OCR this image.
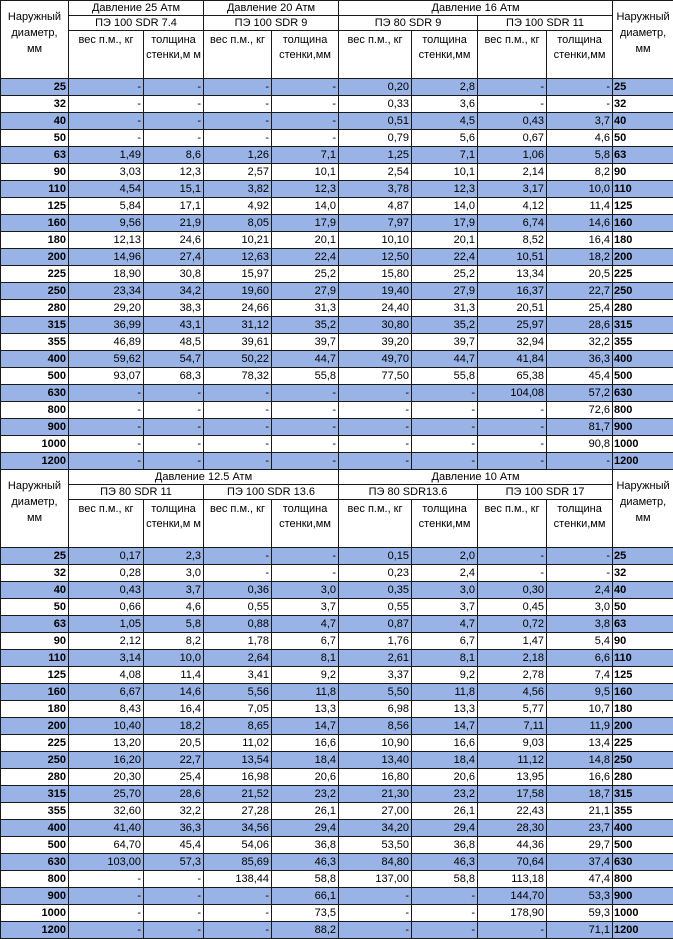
Наружный диаметр, мм	Давление 25 Атм		Давление 20 Атм		Давление 16 Атм				Наружный диаметр, мм
	ПЭ 100 SDR 7.4		ПЭ 100 SDR 9		ПЭ 80 SDR 9		ПЭ 100 SDR 11		
	вес п.м., кг	толщина стенки,м м	вес п.м., кг	толщина стенки,мм	вес п.м., кг	толщина стенки,мм	вес п.м., кг	толщина стенки,мм	
25	-	-	-	-	0,20	2,8	-	-	25
32	-	-	-	-	0,33	3,6	-	-	32
40	-	-	-	-	0,51	4,5	0,43	3,7	40
50	-	-	-	-	0,79	5,6	0,67	4,6	50
63	1,49	8,6	1,26	7,1	1,25	7,1	1,06	5,8	63
90	3,03	12,3	2,57	10,1	2,54	10,1	2,14	8,2	90
110	4,54	15,1	3,82	12,3	3,78	12,3	3,17	10,0	110
125	5,84	17,1	4,92	14,0	4,87	14,0	4,12	11,4	125
160	9,56	21,9	8,05	17,9	7,97	17,9	6,74	14,6	160
180	12,13	24,6	10,21	20,1	10,10	20,1	8,52	16,4	180
200	14,96	27,4	12,63	22,4	12,50	22,4	10,51	18,2	200
225	18,90	30,8	15,97	25,2	15,80	25,2	13,34	20,5	225
250	23,34	34,2	19,60	27,9	19,40	27,9	16,37	22,7	250
280	29,20	38,3	24,66	31,3	24,40	31,3	20,51	25,4	280
315	36,99	43,1	31,12	35,2	30,80	35,2	25,97	28,6	315
355	46,89	48,5	39,61	39,7	39,20	39,7	32,94	32,2	355
400	59,62	54,7	50,22	44,7	49,70	44,7	41,84	36,3	400
500	93,07	68,3	78,32	55,8	77,50	55,8	65,38	45,4	500
630	-	-	-	-	-	-	104,08	57,2	630
800	-	-	-	-	-	-	-	72,6	800
900	-	-	-	-	-	-	-	81,7	900
1000	-	-	-	-	-	-	-	90,8	1000
1200	-	-	-	-	-	-	-	-	1200
Наружный диаметр, мм	Давление 12.5 Атм				Давление 10 Атм				Наружный диаметр, мм
	ПЭ 80 SDR 11		ПЭ 100 SDR 13.6		ПЭ 80 SDR13.6		ПЭ 100 SDR 17		
	вес п.м., кг	толщина стенки,м м	вес п.м., кг	толщина стенки,мм	вес п.м., кг	толщина стенки,мм	вес п.м., кг	толщина стенки,мм	
25	0,17	2,3	-	-	0,15	2,0	-	-	25
32	0,28	3,0	-	-	0,23	2,4	-	-	32
40	0,43	3,7	0,36	3,0	0,35	3,0	0,30	2,4	40
50	0,66	4,6	0,55	3,7	0,55	3,7	0,45	3,0	50
63	1,05	5,8	0,88	4,7	0,87	4,7	0,72	3,8	63
90	2,12	8,2	1,78	6,7	1,76	6,7	1,47	5,4	90
110	3,14	10,0	2,64	8,1	2,61	8,1	2,18	6,6	110
125	4,08	11,4	3,41	9,2	3,37	9,2	2,78	7,4	125
160	6,67	14,6	5,56	11,8	5,50	11,8	4,56	9,5	160
180	8,43	16,4	7,05	13,3	6,98	13,3	5,77	10,7	180
200	10,40	18,2	8,65	14,7	8,56	14,7	7,11	11,9	200
225	13,20	20,5	11,02	16,6	10,90	16,6	9,03	13,4	225
250	16,20	22,7	13,54	18,4	13,40	18,4	11,12	14,8	250
280	20,30	25,4	16,98	20,6	16,80	20,6	13,95	16,6	280
315	25,70	28,6	21,52	23,2	21,30	23,2	17,58	18,7	315
355	32,60	32,2	27,28	26,1	27,00	26,1	22,43	21,1	355
400	41,40	36,3	34,56	29,4	34,20	29,4	28,30	23,7	400
500	64,70	45,4	54,06	36,8	53,50	36,8	44,36	29,7	500
630	103,00	57,3	85,69	46,3	84,80	46,3	70,64	37,4	630
800	-	-	138,44	58,8	137,00	58,8	113,18	47,4	800
900	-	-	-	66,1	-	-	144,70	53,3	900
1000	-	-	-	73,5	-	-	178,90	59,3	1000
1200	-	-	-	88,2	-	-	-	71,1	1200
